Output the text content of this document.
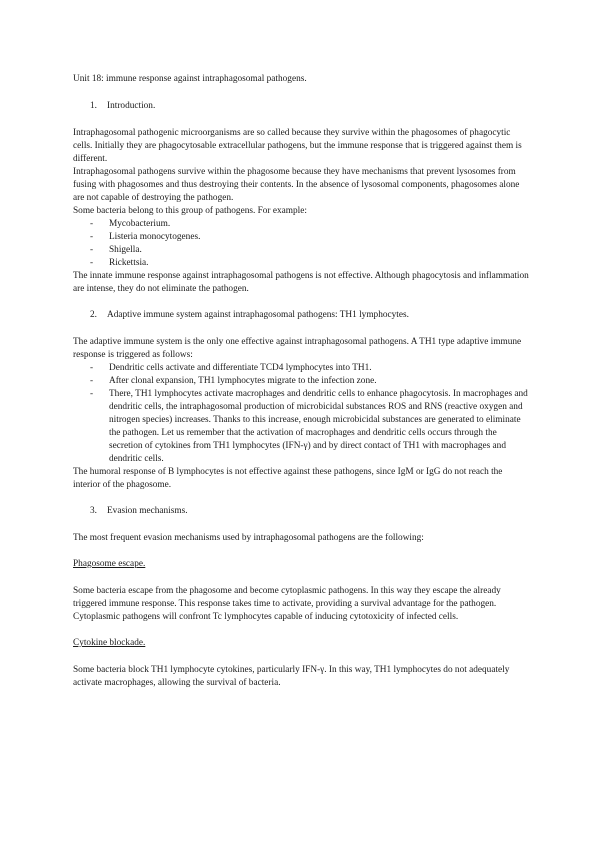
Unit 18: immune response against intraphagosomal pathogens.

1. Introduction.

Intraphagosomal pathogenic microorganisms are so called because they survive within the phagosomes of phagocytic cells. Initially they are phagocytosable extracellular pathogens, but the immune response that is triggered against them is different.

Intraphagosomal pathogens survive within the phagosome because they have mechanisms that prevent lysosomes from fusing with phagosomes and thus destroying their contents. In the absence of lysosomal components, phagosomes alone are not capable of destroying the pathogen.

Some bacteria belong to this group of pathogens. For example:

- Mycobacterium.
- Listeria monocytogenes.
- Shigella.
- Rickettsia.

The innate immune response against intraphagosomal pathogens is not effective. Although phagocytosis and inflammation are intense, they do not eliminate the pathogen.

2. Adaptive immune system against intraphagosomal pathogens: TH1 lymphocytes.

The adaptive immune system is the only one effective against intraphagosomal pathogens. A TH1 type adaptive immune response is triggered as follows:

- Dendritic cells activate and differentiate TCD4 lymphocytes into TH1.
- After clonal expansion, TH1 lymphocytes migrate to the infection zone.
- There, TH1 lymphocytes activate macrophages and dendritic cells to enhance phagocytosis. In macrophages and dendritic cells, the intraphagosomal production of microbicidal substances ROS and RNS (reactive oxygen and nitrogen species) increases. Thanks to this increase, enough microbicidal substances are generated to eliminate the pathogen. Let us remember that the activation of macrophages and dendritic cells occurs through the secretion of cytokines from TH1 lymphocytes (IFN-γ) and by direct contact of TH1 with macrophages and dendritic cells.

The humoral response of B lymphocytes is not effective against these pathogens, since IgM or IgG do not reach the interior of the phagosome.

3. Evasion mechanisms.

The most frequent evasion mechanisms used by intraphagosomal pathogens are the following:

Phagosome escape.

Some bacteria escape from the phagosome and become cytoplasmic pathogens. In this way they escape the already triggered immune response. This response takes time to activate, providing a survival advantage for the pathogen. Cytoplasmic pathogens will confront Tc lymphocytes capable of inducing cytotoxicity of infected cells.

Cytokine blockade.

Some bacteria block TH1 lymphocyte cytokines, particularly IFN-γ. In this way, TH1 lymphocytes do not adequately activate macrophages, allowing the survival of bacteria.
